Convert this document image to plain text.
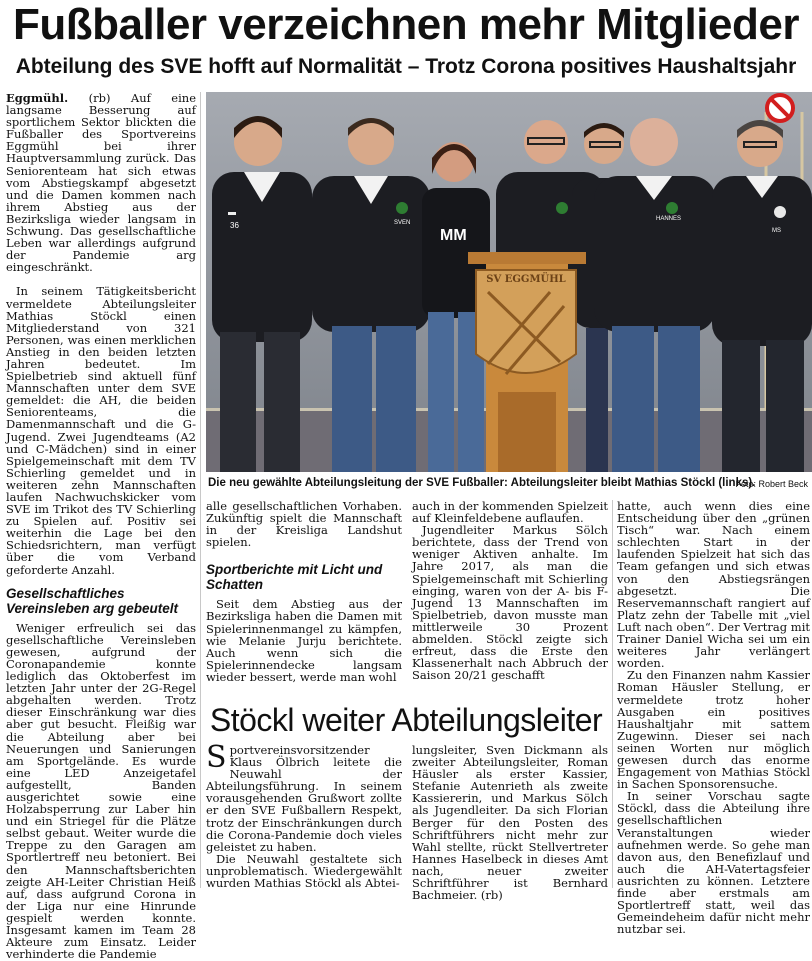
Fußballer verzeichnen mehr Mitglieder
Abteilung des SVE hofft auf Normalität – Trotz Corona positives Haushaltsjahr

Eggmühl. (rb) Auf eine langsame Besserung auf sportlichem Sektor blickten die Fußballer des Sportvereins Eggmühl bei ihrer Hauptversammlung zurück. Das Seniorenteam hat sich etwas vom Abstiegskampf abgesetzt und die Damen kommen nach ihrem Abstieg aus der Bezirksliga wieder langsam in Schwung. Das gesellschaftliche Leben war allerdings aufgrund der Pandemie arg eingeschränkt.

In seinem Tätigkeitsbericht vermeldete Abteilungsleiter Mathias Stöckl einen Mitgliederstand von 321 Personen, was einen merklichen Anstieg in den beiden letzten Jahren bedeutet. Im Spielbetrieb sind aktuell fünf Mannschaften unter dem SVE gemeldet: die AH, die beiden Seniorenteams, die Damenmannschaft und die G-Jugend. Zwei Jugendteams (A2 und C-Mädchen) sind in einer Spielgemeinschaft mit dem TV Schierling gemeldet und in weiteren zehn Mannschaften laufen Nachwuchskicker vom SVE im Trikot des TV Schierling zu Spielen auf. Positiv sei weiterhin die Lage bei den Schiedsrichtern, man verfügt über die vom Verband geforderte Anzahl.

Gesellschaftliches Vereinsleben arg gebeutelt

Weniger erfreulich sei das gesellschaftliche Vereinsleben gewesen, aufgrund der Coronapandemie konnte lediglich das Oktoberfest im letzten Jahr unter der 2G-Regel abgehalten werden. Trotz dieser Einschränkung war dies aber gut besucht. Fleißig war die Abteilung aber bei Neuerungen und Sanierungen am Sportgelände. Es wurde eine LED Anzeigetafel aufgestellt, Banden ausgerichtet sowie eine Holzabsperrung zur Laber hin und ein Striegel für die Plätze selbst gebaut. Weiter wurde die Treppe zu den Garagen am Sportlertreff neu betoniert. Bei den Mannschaftsberichten zeigte AH-Leiter Christian Heiß auf, dass aufgrund Corona in der Liga nur eine Hinrunde gespielt werden konnte. Insgesamt kamen im Team 28 Akteure zum Einsatz. Leider verhinderte die Pandemie

MM
HANNES
MS
36	SVEN
SV EGGMÜHL
Die neu gewählte Abteilungsleitung der SVE Fußballer: Abteilungsleiter bleibt Mathias Stöckl (links).
Foto: Robert Beck

alle gesellschaftlichen Vorhaben. Zukünftig spielt die Mannschaft in der Kreisliga Landshut spielen.

Sportberichte mit Licht und Schatten

Seit dem Abstieg aus der Bezirksliga haben die Damen mit Spielerinnenmangel zu kämpfen, wie Melanie Jurju berichtete. Auch wenn sich die Spielerinnendecke langsam wieder bessert, werde man wohl

auch in der kommenden Spielzeit auf Kleinfeldebene auflaufen.

Jugendleiter Markus Sölch berichtete, dass der Trend von weniger Aktiven anhalte. Im Jahre 2017, als man die Spielgemeinschaft mit Schierling einging, waren von der A- bis F-Jugend 13 Mannschaften im Spielbetrieb, davon musste man mittlerweile 30 Prozent abmelden. Stöckl zeigte sich erfreut, dass die Erste den Klassenerhalt nach Abbruch der Saison 20/21 geschafft

hatte, auch wenn dies eine Entscheidung über den „grünen Tisch“ war. Nach einem schlechten Start in der laufenden Spielzeit hat sich das Team gefangen und sich etwas von den Abstiegsrängen abgesetzt. Die Reservemannschaft rangiert auf Platz zehn der Tabelle mit „viel Luft nach oben“. Der Vertrag mit Trainer Daniel Wicha sei um ein weiteres Jahr verlängert worden.

Zu den Finanzen nahm Kassier Roman Häusler Stellung, er vermeldete trotz hoher Ausgaben ein positives Haushaltjahr mit sattem Zugewinn. Dieser sei nach seinen Worten nur möglich gewesen durch das enorme Engagement von Mathias Stöckl in Sachen Sponsorensuche.

In seiner Vorschau sagte Stöckl, dass die Abteilung ihre gesellschaftlichen Veranstaltungen wieder aufnehmen werde. So gehe man davon aus, den Benefizlauf und auch die AH-Vatertagsfeier ausrichten zu können. Letztere finde aber erstmals am Sportlertreff statt, weil das Gemeindeheim dafür nicht mehr nutzbar sei.

Stöckl weiter Abteilungsleiter

Sportvereinsvorsitzender Klaus Ölbrich leitete die Neuwahl der Abteilungsführung. In seinem vorausgehenden Grußwort zollte er den SVE Fußballern Respekt, trotz der Einschränkungen durch die Corona-Pandemie doch vieles geleistet zu haben.

Die Neuwahl gestaltete sich unproblematisch. Wiedergewählt wurden Mathias Stöckl als Abtei-

lungsleiter, Sven Dickmann als zweiter Abteilungsleiter, Roman Häusler als erster Kassier, Stefanie Autenrieth als zweite Kassiererin, und Markus Sölch als Jugendleiter. Da sich Florian Berger für den Posten des Schriftführers nicht mehr zur Wahl stellte, rückt Stellvertreter Hannes Haselbeck in dieses Amt nach, neuer zweiter Schriftführer ist Bernhard Bachmeier. (rb)
